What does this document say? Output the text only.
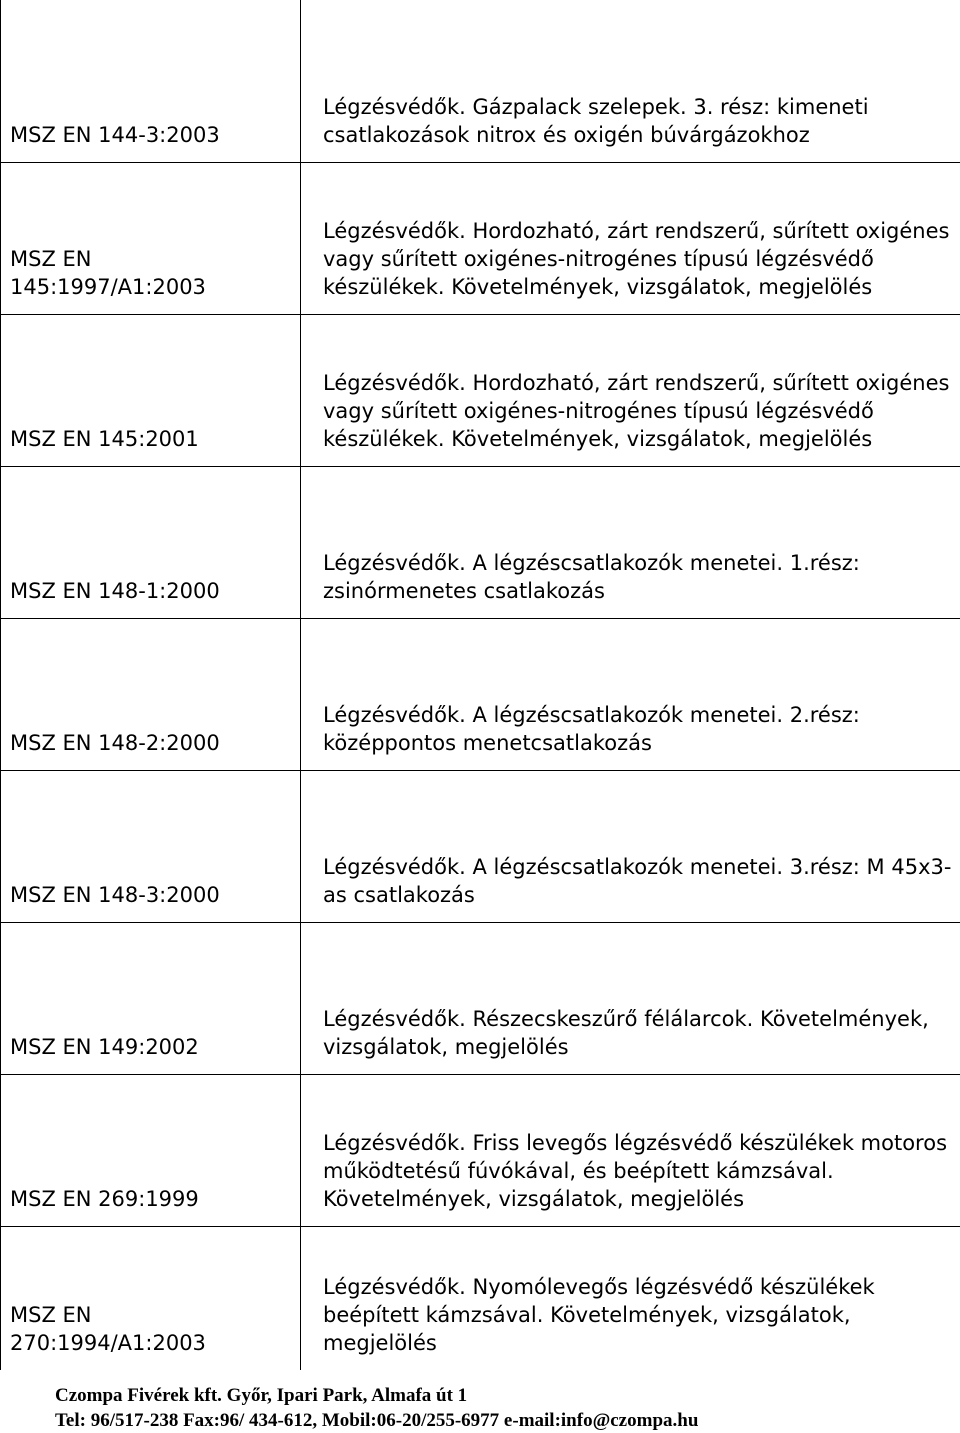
MSZ EN 144-3:2003	Légzésvédők. Gázpalack szelepek. 3. rész: kimeneti csatlakozások nitrox és oxigén búvárgázokhoz
MSZ EN 145:1997/A1:2003	Légzésvédők. Hordozható, zárt rendszerű, sűrített oxigénes vagy sűrített oxigénes-nitrogénes típusú légzésvédő készülékek. Követelmények, vizsgálatok, megjelölés
MSZ EN 145:2001	Légzésvédők. Hordozható, zárt rendszerű, sűrített oxigénes vagy sűrített oxigénes-nitrogénes típusú légzésvédő készülékek. Követelmények, vizsgálatok, megjelölés
MSZ EN 148-1:2000	Légzésvédők. A légzéscsatlakozók menetei. 1.rész: zsinórmenetes csatlakozás
MSZ EN 148-2:2000	Légzésvédők. A légzéscsatlakozók menetei. 2.rész: középpontos menetcsatlakozás
MSZ EN 148-3:2000	Légzésvédők. A légzéscsatlakozók menetei. 3.rész: M 45x3-as csatlakozás
MSZ EN 149:2002	Légzésvédők. Részecskeszűrő félálarcok. Követelmények, vizsgálatok, megjelölés
MSZ EN 269:1999	Légzésvédők. Friss levegős légzésvédő készülékek motoros működtetésű fúvókával, és beépített kámzsával. Követelmények, vizsgálatok, megjelölés
MSZ EN 270:1994/A1:2003	Légzésvédők. Nyomólevegős légzésvédő készülékek beépített kámzsával. Követelmények, vizsgálatok, megjelölés
Czompa Fivérek kft. Győr, Ipari Park, Almafa út 1
Tel: 96/517-238 Fax:96/ 434-612, Mobil:06-20/255-6977 e-mail:info@czompa.hu
